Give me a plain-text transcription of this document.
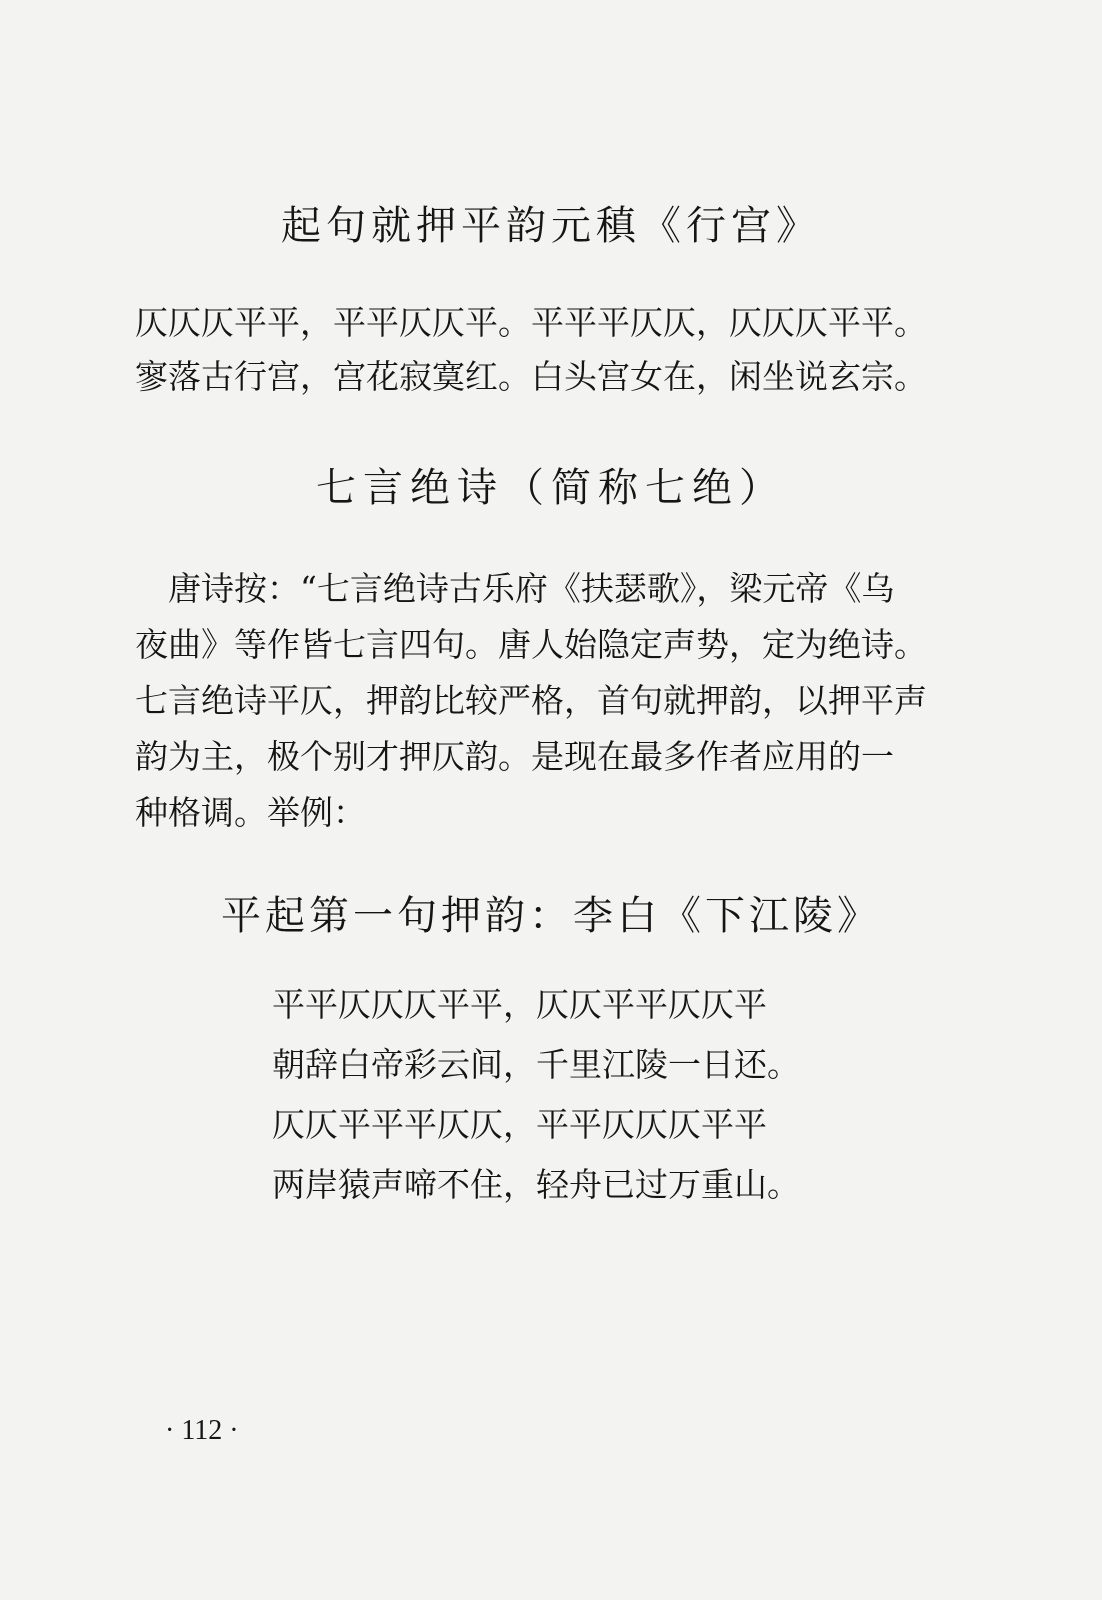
起句就押平韵元稹《行宫》
仄仄仄平平，平平仄仄平。平平平仄仄，仄仄仄平平。
寥落古行宫，宫花寂寞红。白头宫女在，闲坐说玄宗。
七言绝诗（简称七绝）
　唐诗按：“七言绝诗古乐府《扶瑟歌》，梁元帝《乌
夜曲》等作皆七言四句。唐人始隐定声势，定为绝诗。
七言绝诗平仄，押韵比较严格，首句就押韵，以押平声
韵为主，极个别才押仄韵。是现在最多作者应用的一
种格调。举例：
平起第一句押韵：李白《下江陵》
平平仄仄仄平平，仄仄平平仄仄平
朝辞白帝彩云间，千里江陵一日还。
仄仄平平平仄仄，平平仄仄仄平平
两岸猿声啼不住，轻舟已过万重山。
· 112 ·
